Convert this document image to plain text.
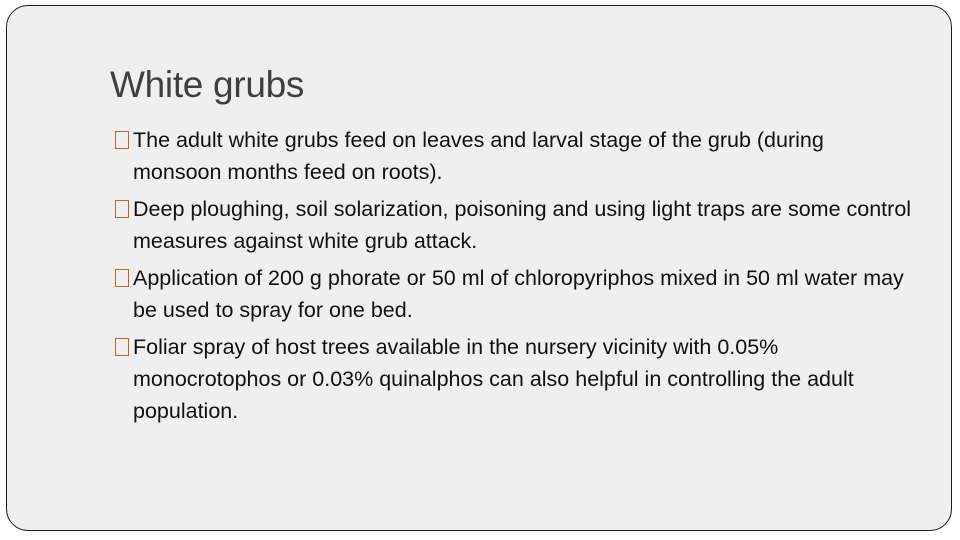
White grubs
The adult white grubs feed on leaves and larval stage of the grub (during monsoon months feed on roots).
Deep ploughing, soil solarization, poisoning and using light traps are some control measures against white grub attack.
Application of 200 g phorate or 50 ml of chloropyriphos mixed in 50 ml water may be used to spray for one bed.
Foliar spray of host trees available in the nursery vicinity with 0.05% monocrotophos or 0.03% quinalphos can also helpful in controlling the adult population.
